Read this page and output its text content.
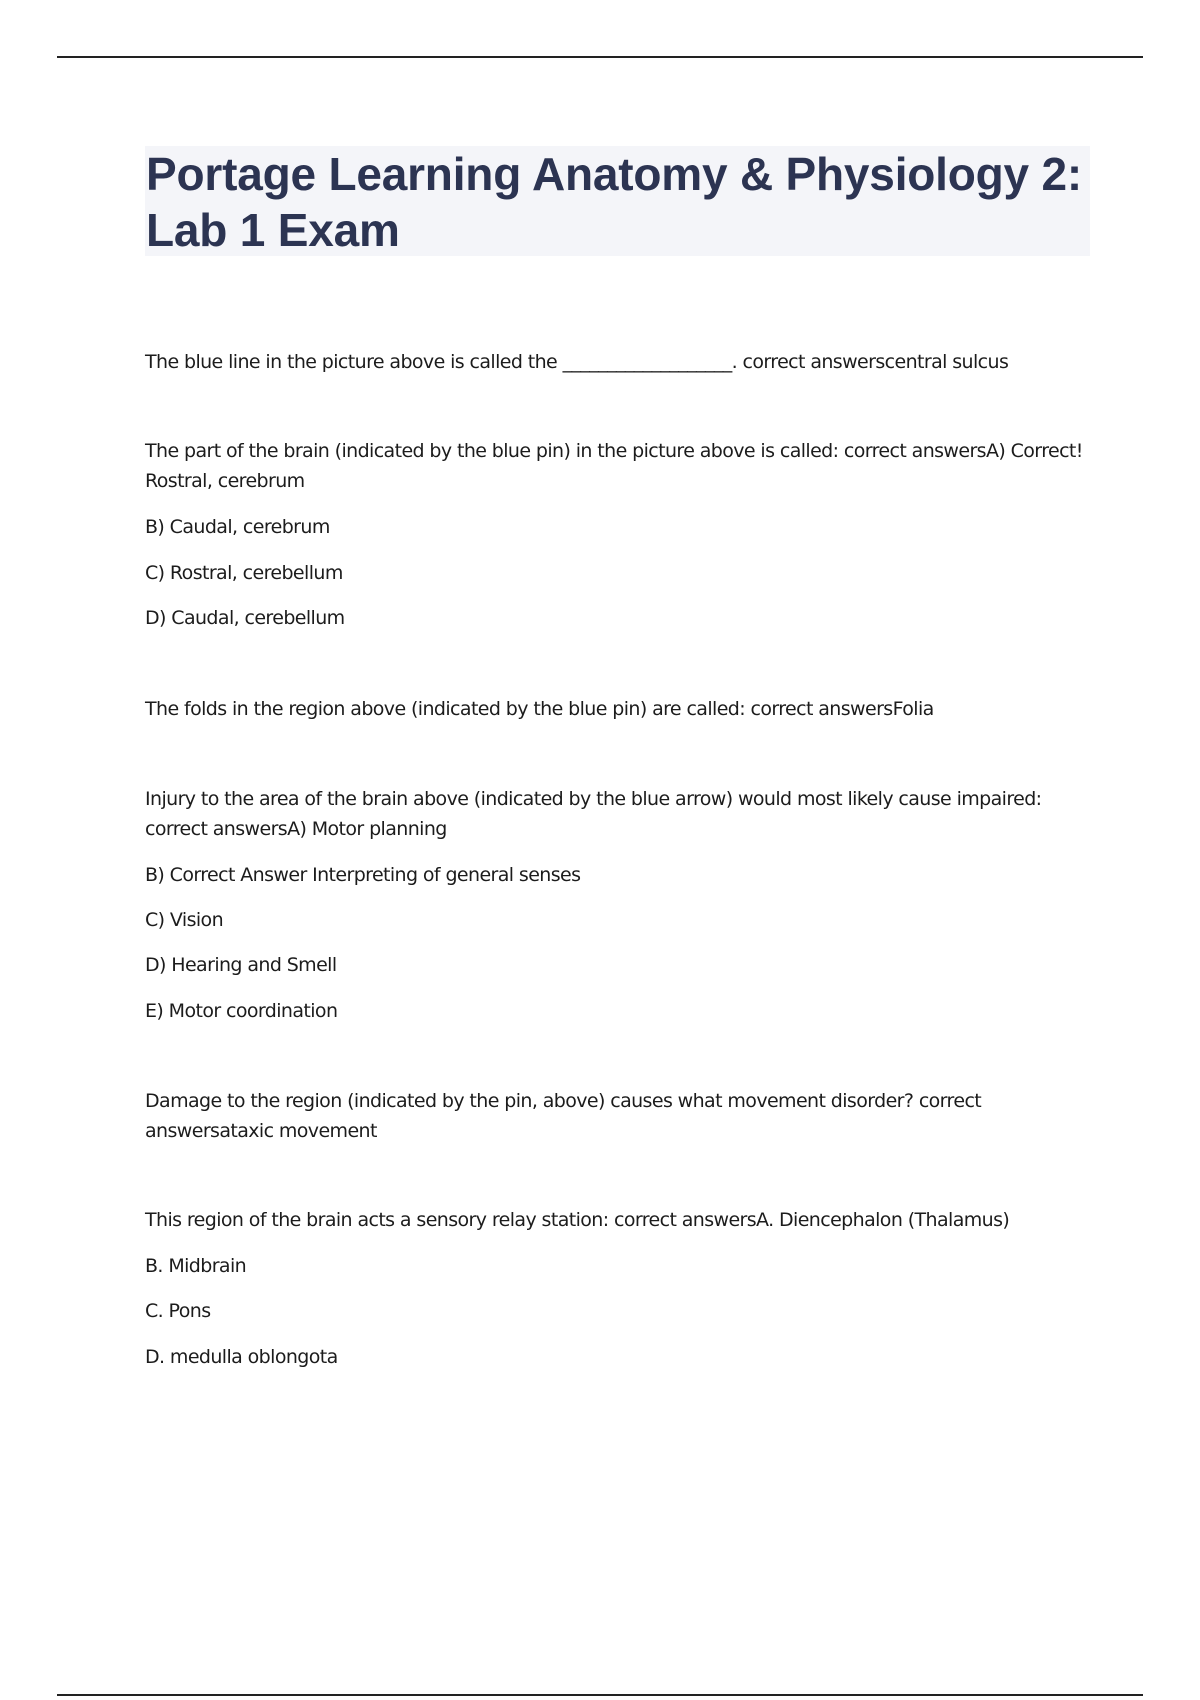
Portage Learning Anatomy & Physiology 2: Lab 1 Exam

The blue line in the picture above is called the ___________________. correct answerscentral sulcus

The part of the brain (indicated by the blue pin) in the picture above is called: correct answersA) Correct! Rostral, cerebrum

B) Caudal, cerebrum

C) Rostral, cerebellum

D) Caudal, cerebellum

The folds in the region above (indicated by the blue pin) are called: correct answersFolia

Injury to the area of the brain above (indicated by the blue arrow) would most likely cause impaired: correct answersA) Motor planning

B) Correct Answer Interpreting of general senses

C) Vision

D) Hearing and Smell

E) Motor coordination

Damage to the region (indicated by the pin, above) causes what movement disorder? correct answersataxic movement

This region of the brain acts a sensory relay station: correct answersA. Diencephalon (Thalamus)

B. Midbrain

C. Pons

D. medulla oblongota
